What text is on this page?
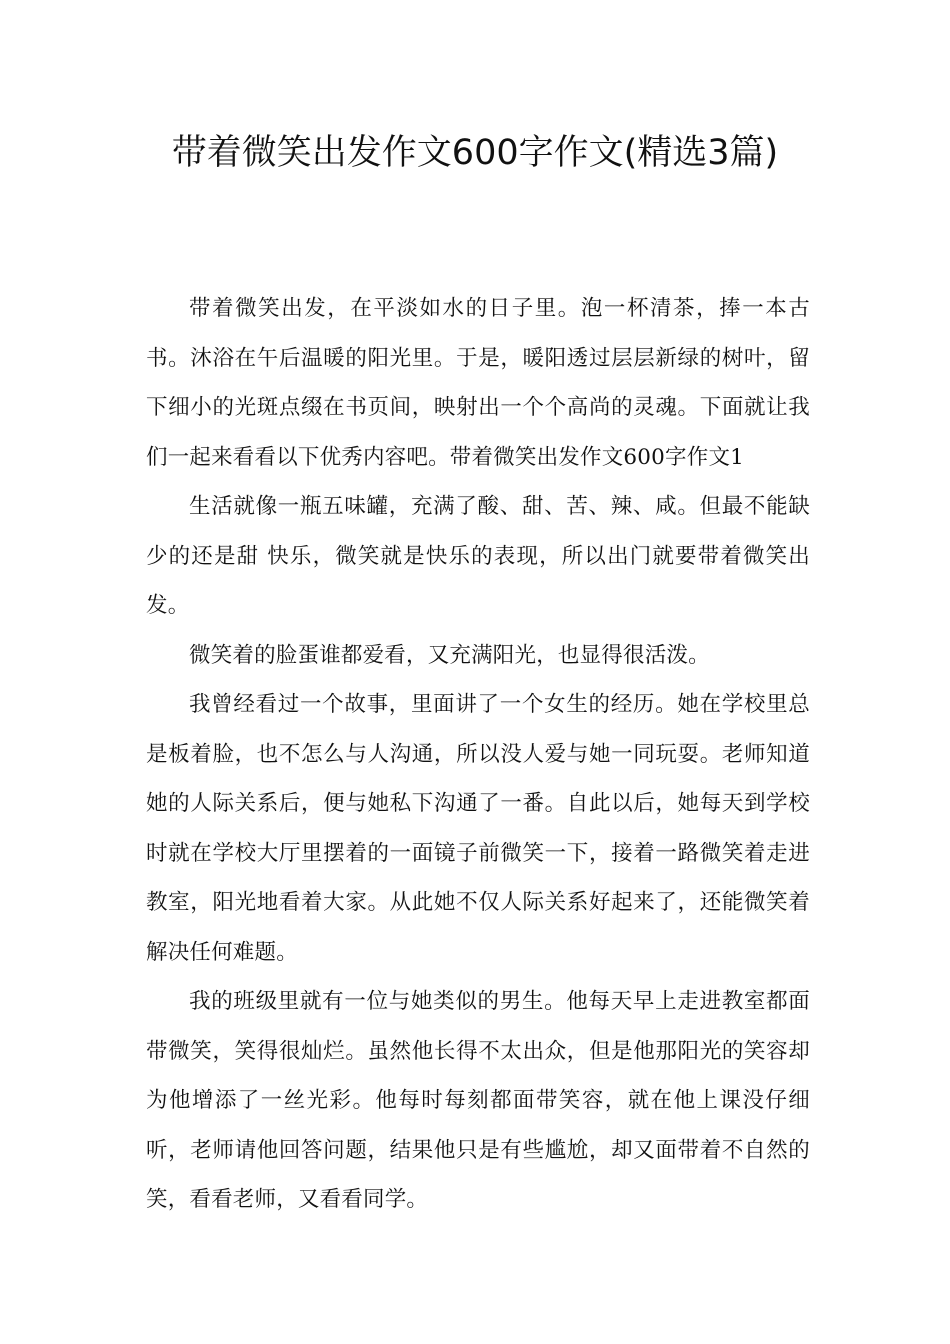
带着微笑出发作文600字作文(精选3篇)

带着微笑出发，在平淡如水的日子里。泡一杯清茶，捧一本古书。沐浴在午后温暖的阳光里。于是，暖阳透过层层新绿的树叶，留下细小的光斑点缀在书页间，映射出一个个高尚的灵魂。下面就让我们一起来看看以下优秀内容吧。带着微笑出发作文600字作文1

生活就像一瓶五味罐，充满了酸、甜、苦、辣、咸。但最不能缺少的还是甜 快乐，微笑就是快乐的表现，所以出门就要带着微笑出发。

微笑着的脸蛋谁都爱看，又充满阳光，也显得很活泼。

我曾经看过一个故事，里面讲了一个女生的经历。她在学校里总是板着脸，也不怎么与人沟通，所以没人爱与她一同玩耍。老师知道她的人际关系后，便与她私下沟通了一番。自此以后，她每天到学校时就在学校大厅里摆着的一面镜子前微笑一下，接着一路微笑着走进教室，阳光地看着大家。从此她不仅人际关系好起来了，还能微笑着解决任何难题。

我的班级里就有一位与她类似的男生。他每天早上走进教室都面带微笑，笑得很灿烂。虽然他长得不太出众，但是他那阳光的笑容却为他增添了一丝光彩。他每时每刻都面带笑容，就在他上课没仔细听，老师请他回答问题，结果他只是有些尴尬，却又面带着不自然的笑，看看老师，又看看同学。
